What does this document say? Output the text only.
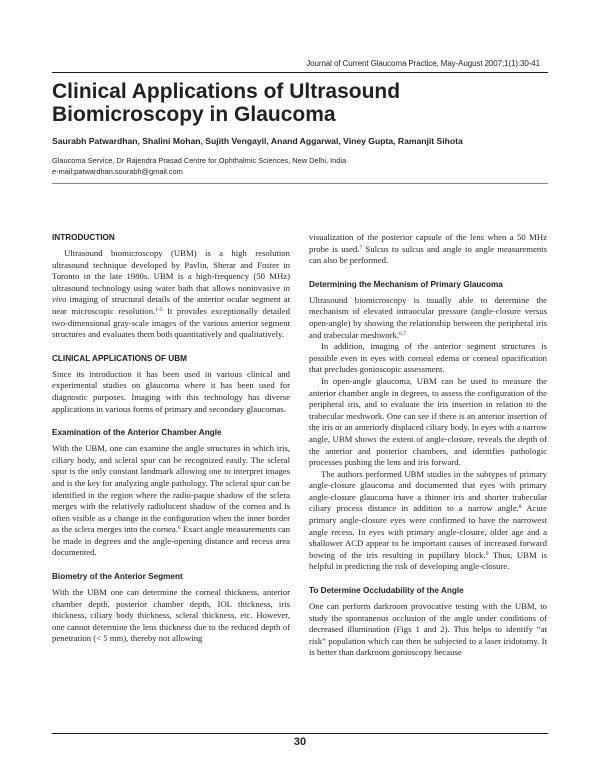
Journal of Current Glaucoma Practice, May-August 2007;1(1):30-41
Clinical Applications of Ultrasound Biomicroscopy in Glaucoma
Saurabh Patwardhan, Shalini Mohan, Sujith Vengayil, Anand Aggarwal, Viney Gupta, Ramanjit Sihota
Glaucoma Service, Dr Rajendra Prasad Centre for Ophthalmic Sciences, New Delhi, India
e-mail:patwardhan.sourabh@gmail.com
INTRODUCTION

Ultrasound biomicroscopy (UBM) is a high resolution ultrasound technique developed by Pavlin, Sherar and Foster in Toronto in the late 1980s. UBM is a high-frequency (50 MHz) ultrasound technology using water bath that allows noninvasive in vivo imaging of structural details of the anterior ocular segment at near microscopic resolution.$^{1-5}$ It provides exceptionally detailed two-dimensional gray-scale images of the various anterior segment structures and evaluates them both quantitatively and qualitatively.

CLINICAL APPLICATIONS OF UBM

Since its introduction it has been used in various clinical and experimental studies on glaucoma where it has been used for diagnostic purposes. Imaging with this technology has diverse applications in various forms of primary and secondary glaucomas.

Examination of the Anterior Chamber Angle

With the UBM, one can examine the angle structures in which iris, ciliary body, and scleral spur can be recognized easily. The scleral spur is the only constant landmark allowing one to interpret images and is the key for analyzing angle pathology. The scleral spur can be identified in the region where the radio-paque shadow of the sclera merges with the relatively radiolucent shadow of the cornea and is often visible as a change in the configuration when the inner border as the sclera merges into the cornea.$^6$ Exact angle measurements can be made in degrees and the angle-opening distance and recess area documented.

Biometry of the Anterior Segment

With the UBM one can determine the corneal thickness, anterior chamber depth, posterior chamber depth, IOL thickness, iris thickness, ciliary body thickness, scleral thickness, etc. However, one cannot determine the lens thickness due to the reduced depth of penetration (< 5 mm), thereby not allowing

visualization of the posterior capsule of the lens when a 50 MHz probe is used.$^7$ Sulcus to sulcus and angle to angle measurements can also be performed.

Determining the Mechanism of Primary Glaucoma

Ultrasound biomicroscopy is usually able to determine the mechanism of elevated intraocular pressure (angle-closure versus open-angle) by showing the relationship between the peripheral iris and trabecular meshwork.$^{6,7}$

In addition, imaging of the anterior segment structures is possible even in eyes with corneal edema or corneal opacification that precludes gonioscopic assessment.

In open-angle glaucoma, UBM can be used to measure the anterior chamber angle in degrees, to assess the configuration of the peripheral iris, and to evaluate the iris insertion in relation to the trabecular meshwork. One can see if there is an anterior insertion of the iris or an anteriorly displaced ciliary body. In eyes with a narrow angle, UBM shows the extent of angle-closure, reveals the depth of the anterior and posterior chambers, and identifies pathologic processes pushing the lens and iris forward.

The authors performed UBM studies in the subtypes of primary angle-closure glaucoma and documented that eyes with primary angle-closure glaucoma have a thinner iris and shorter trabecular ciliary process distance in addition to a narrow angle.$^8$ Acute primary angle-closure eyes were confirmed to have the narrowest angle recess. In eyes with primary angle-closure, older age and a shallower ACD appear to be important causes of increased forward bowing of the iris resulting in pupillary block.$^9$ Thus, UBM is helpful in predicting the risk of developing angle-closure.

To Determine Occludability of the Angle

One can perform darkroom provocative testing with the UBM, to study the spontaneous occlusion of the angle under conditions of decreased illumination (Figs 1 and 2). This helps to identify “at risk” population which can then be subjected to a laser iridotomy. It is better than darkroom gonioscopy because

30
